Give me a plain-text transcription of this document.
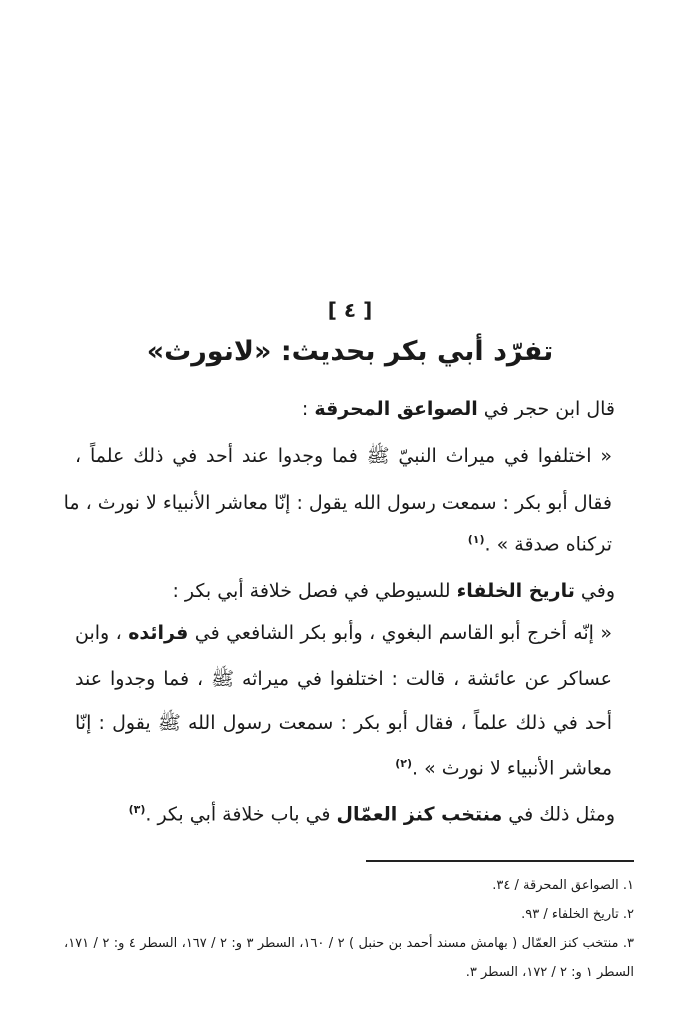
[ ٤ ]
تفرّد أبي بكر بحديث: «لانورث»
قال ابن حجر في الصواعق المحرقة :
« اختلفوا في ميراث النبيّ ﷺ فما وجدوا عند أحد في ذلك علماً ،
فقال أبو بكر : سمعت رسول الله يقول : إنّا معاشر الأنبياء لا نورث ، ما
تركناه صدقة » .$^{(١)}$
وفي تاريخ الخلفاء للسيوطي في فصل خلافة أبي بكر :
« إنّه أخرج أبو القاسم البغوي ، وأبو بكر الشافعي في فرائده ، وابن
عساكر عن عائشة ، قالت : اختلفوا في ميراثه ﷺ ، فما وجدوا عند
أحد في ذلك علماً ، فقال أبو بكر : سمعت رسول الله ﷺ يقول : إنّا
معاشر الأنبياء لا نورث » .$^{(٢)}$
ومثل ذلك في منتخب كنز العمّال في باب خلافة أبي بكر .$^{(٣)}$
١. الصواعق المحرقة / ٣٤.
٢. تاريخ الخلفاء / ٩٣.
٣. منتخب كنز العمّال ( بهامش مسند أحمد بن حنبل ) ٢ / ١٦٠، السطر ٣ و: ٢ / ١٦٧، السطر ٤ و: ٢ / ١٧١،
السطر ١ و: ٢ / ١٧٢، السطر ٣.
